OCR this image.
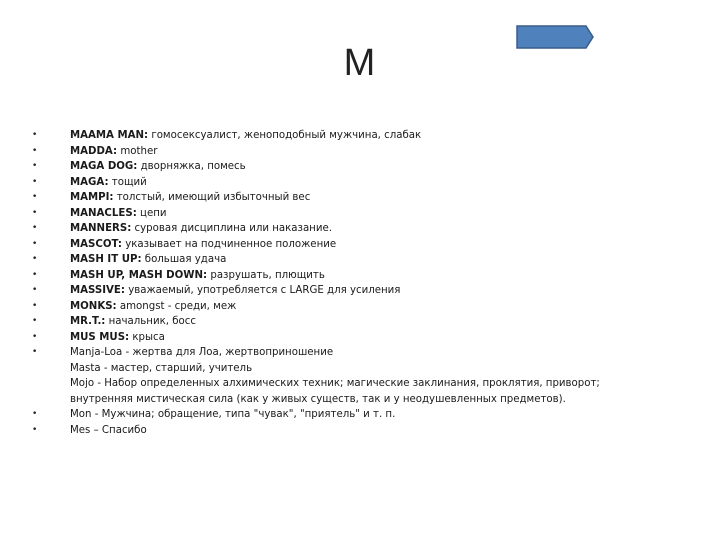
M
• MAAMA MAN: гомосексуалист, женоподобный мужчина, слабак
• MADDA: mother
• MAGA DOG: дворняжка, помесь
• MAGA: тощий
• MAMPI: толстый, имеющий избыточный вес
• MANACLES: цепи
• MANNERS: суровая дисциплина или наказание.
• MASCOT: указывает на подчиненное положение
• MASH IT UP: большая удача
• MASH UP, MASH DOWN: разрушать, плющить
• MASSIVE: уважаемый, употребляется с LARGE для усиления
• MONKS: amongst - среди, меж
• MR.T.: начальник, босс
• MUS MUS: крыса
• Manja-Loa - жертва для Лоа, жертвоприношение
Masta - мастер, старший, учитель
Mojo - Набор определенных алхимических техник; магические заклинания, проклятия, приворот;
внутренняя мистическая сила (как у живых существ, так и у неодушевленных предметов).
• Mon - Мужчина; обращение, типа "чувак", "приятель" и т. п.
• Mes – Спасибо
